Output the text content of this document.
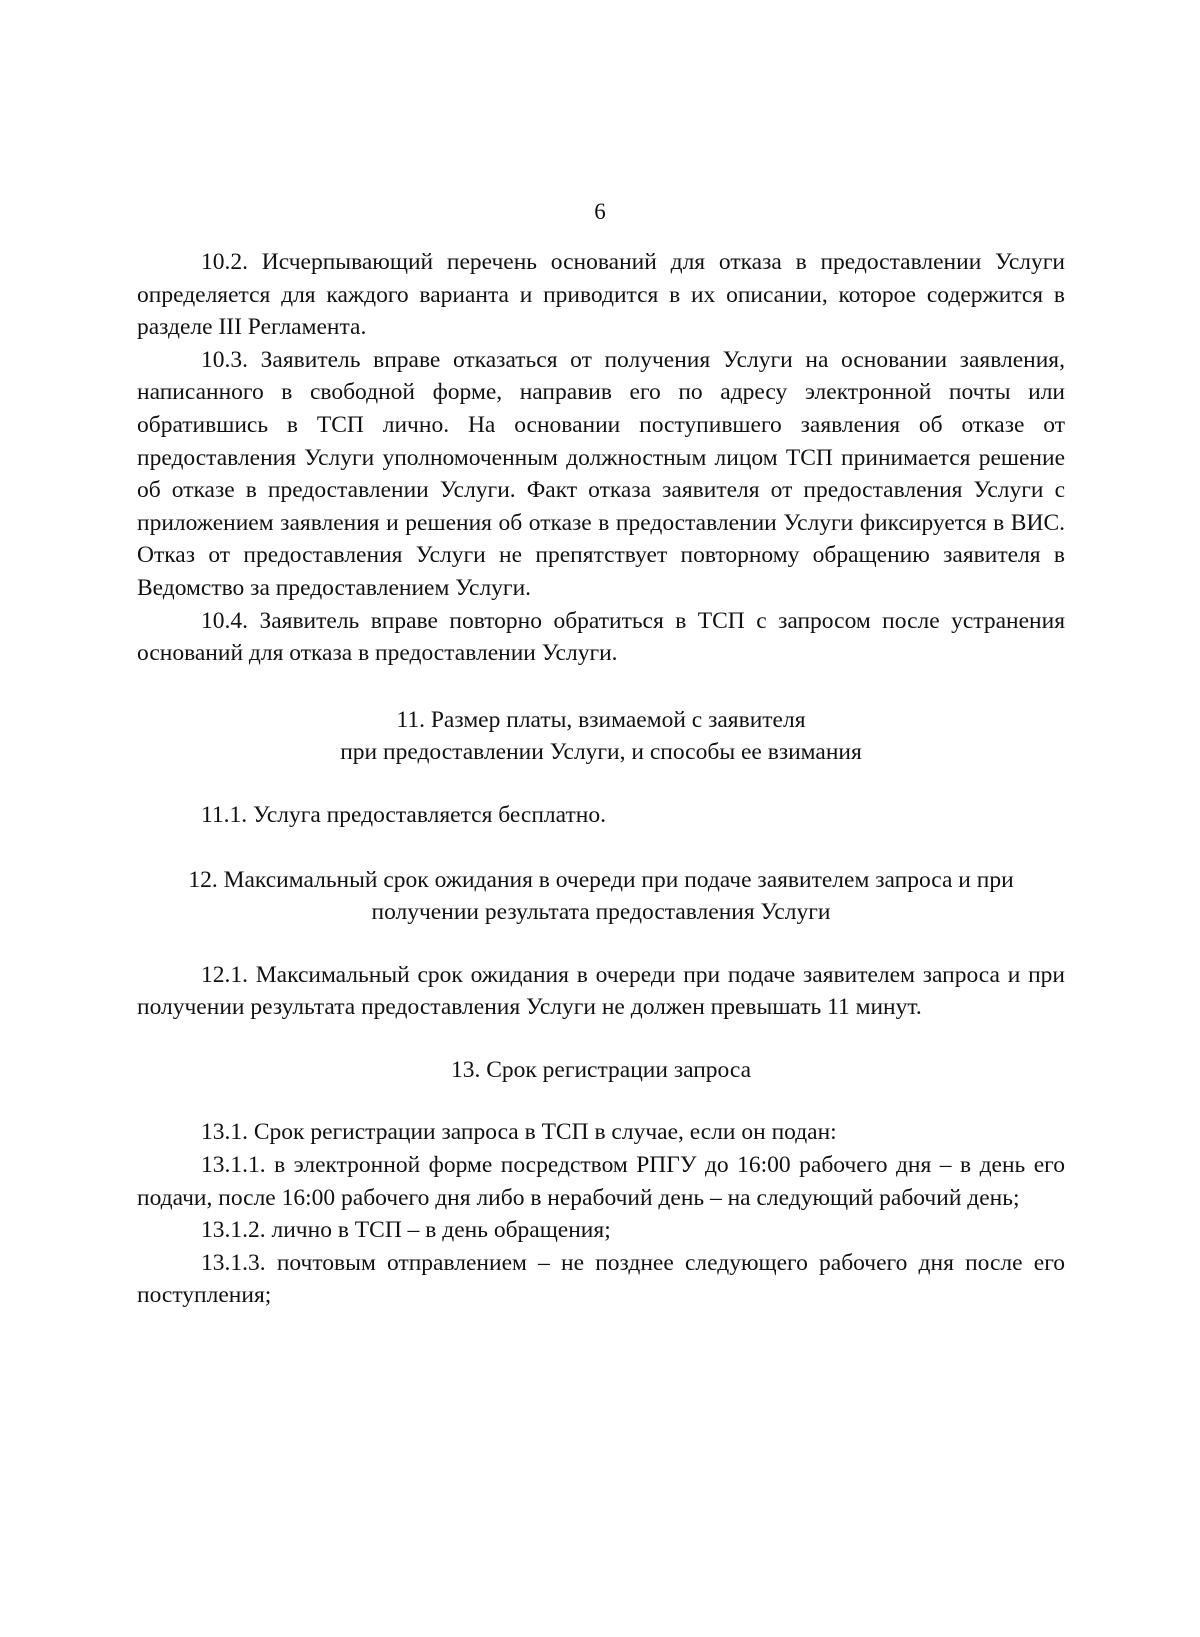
6

10.2. Исчерпывающий перечень оснований для отказа в предоставлении Услуги определяется для каждого варианта и приводится в их описании, которое содержится в разделе III Регламента.

10.3. Заявитель вправе отказаться от получения Услуги на основании заявления, написанного в свободной форме, направив его по адресу электронной почты или обратившись в ТСП лично. На основании поступившего заявления об отказе от предоставления Услуги уполномоченным должностным лицом ТСП принимается решение об отказе в предоставлении Услуги. Факт отказа заявителя от предоставления Услуги с приложением заявления и решения об отказе в предоставлении Услуги фиксируется в ВИС. Отказ от предоставления Услуги не препятствует повторному обращению заявителя в Ведомство за предоставлением Услуги.

10.4. Заявитель вправе повторно обратиться в ТСП с запросом после устранения оснований для отказа в предоставлении Услуги.

11. Размер платы, взимаемой с заявителя
при предоставлении Услуги, и способы ее взимания

11.1. Услуга предоставляется бесплатно.

12. Максимальный срок ожидания в очереди при подаче заявителем запроса и при
получении результата предоставления Услуги

12.1. Максимальный срок ожидания в очереди при подаче заявителем запроса и при получении результата предоставления Услуги не должен превышать 11 минут.

13. Срок регистрации запроса

13.1. Срок регистрации запроса в ТСП в случае, если он подан:

13.1.1. в электронной форме посредством РПГУ до 16:00 рабочего дня – в день его подачи, после 16:00 рабочего дня либо в нерабочий день – на следующий рабочий день;

13.1.2. лично в ТСП – в день обращения;

13.1.3. почтовым отправлением – не позднее следующего рабочего дня после его поступления;
